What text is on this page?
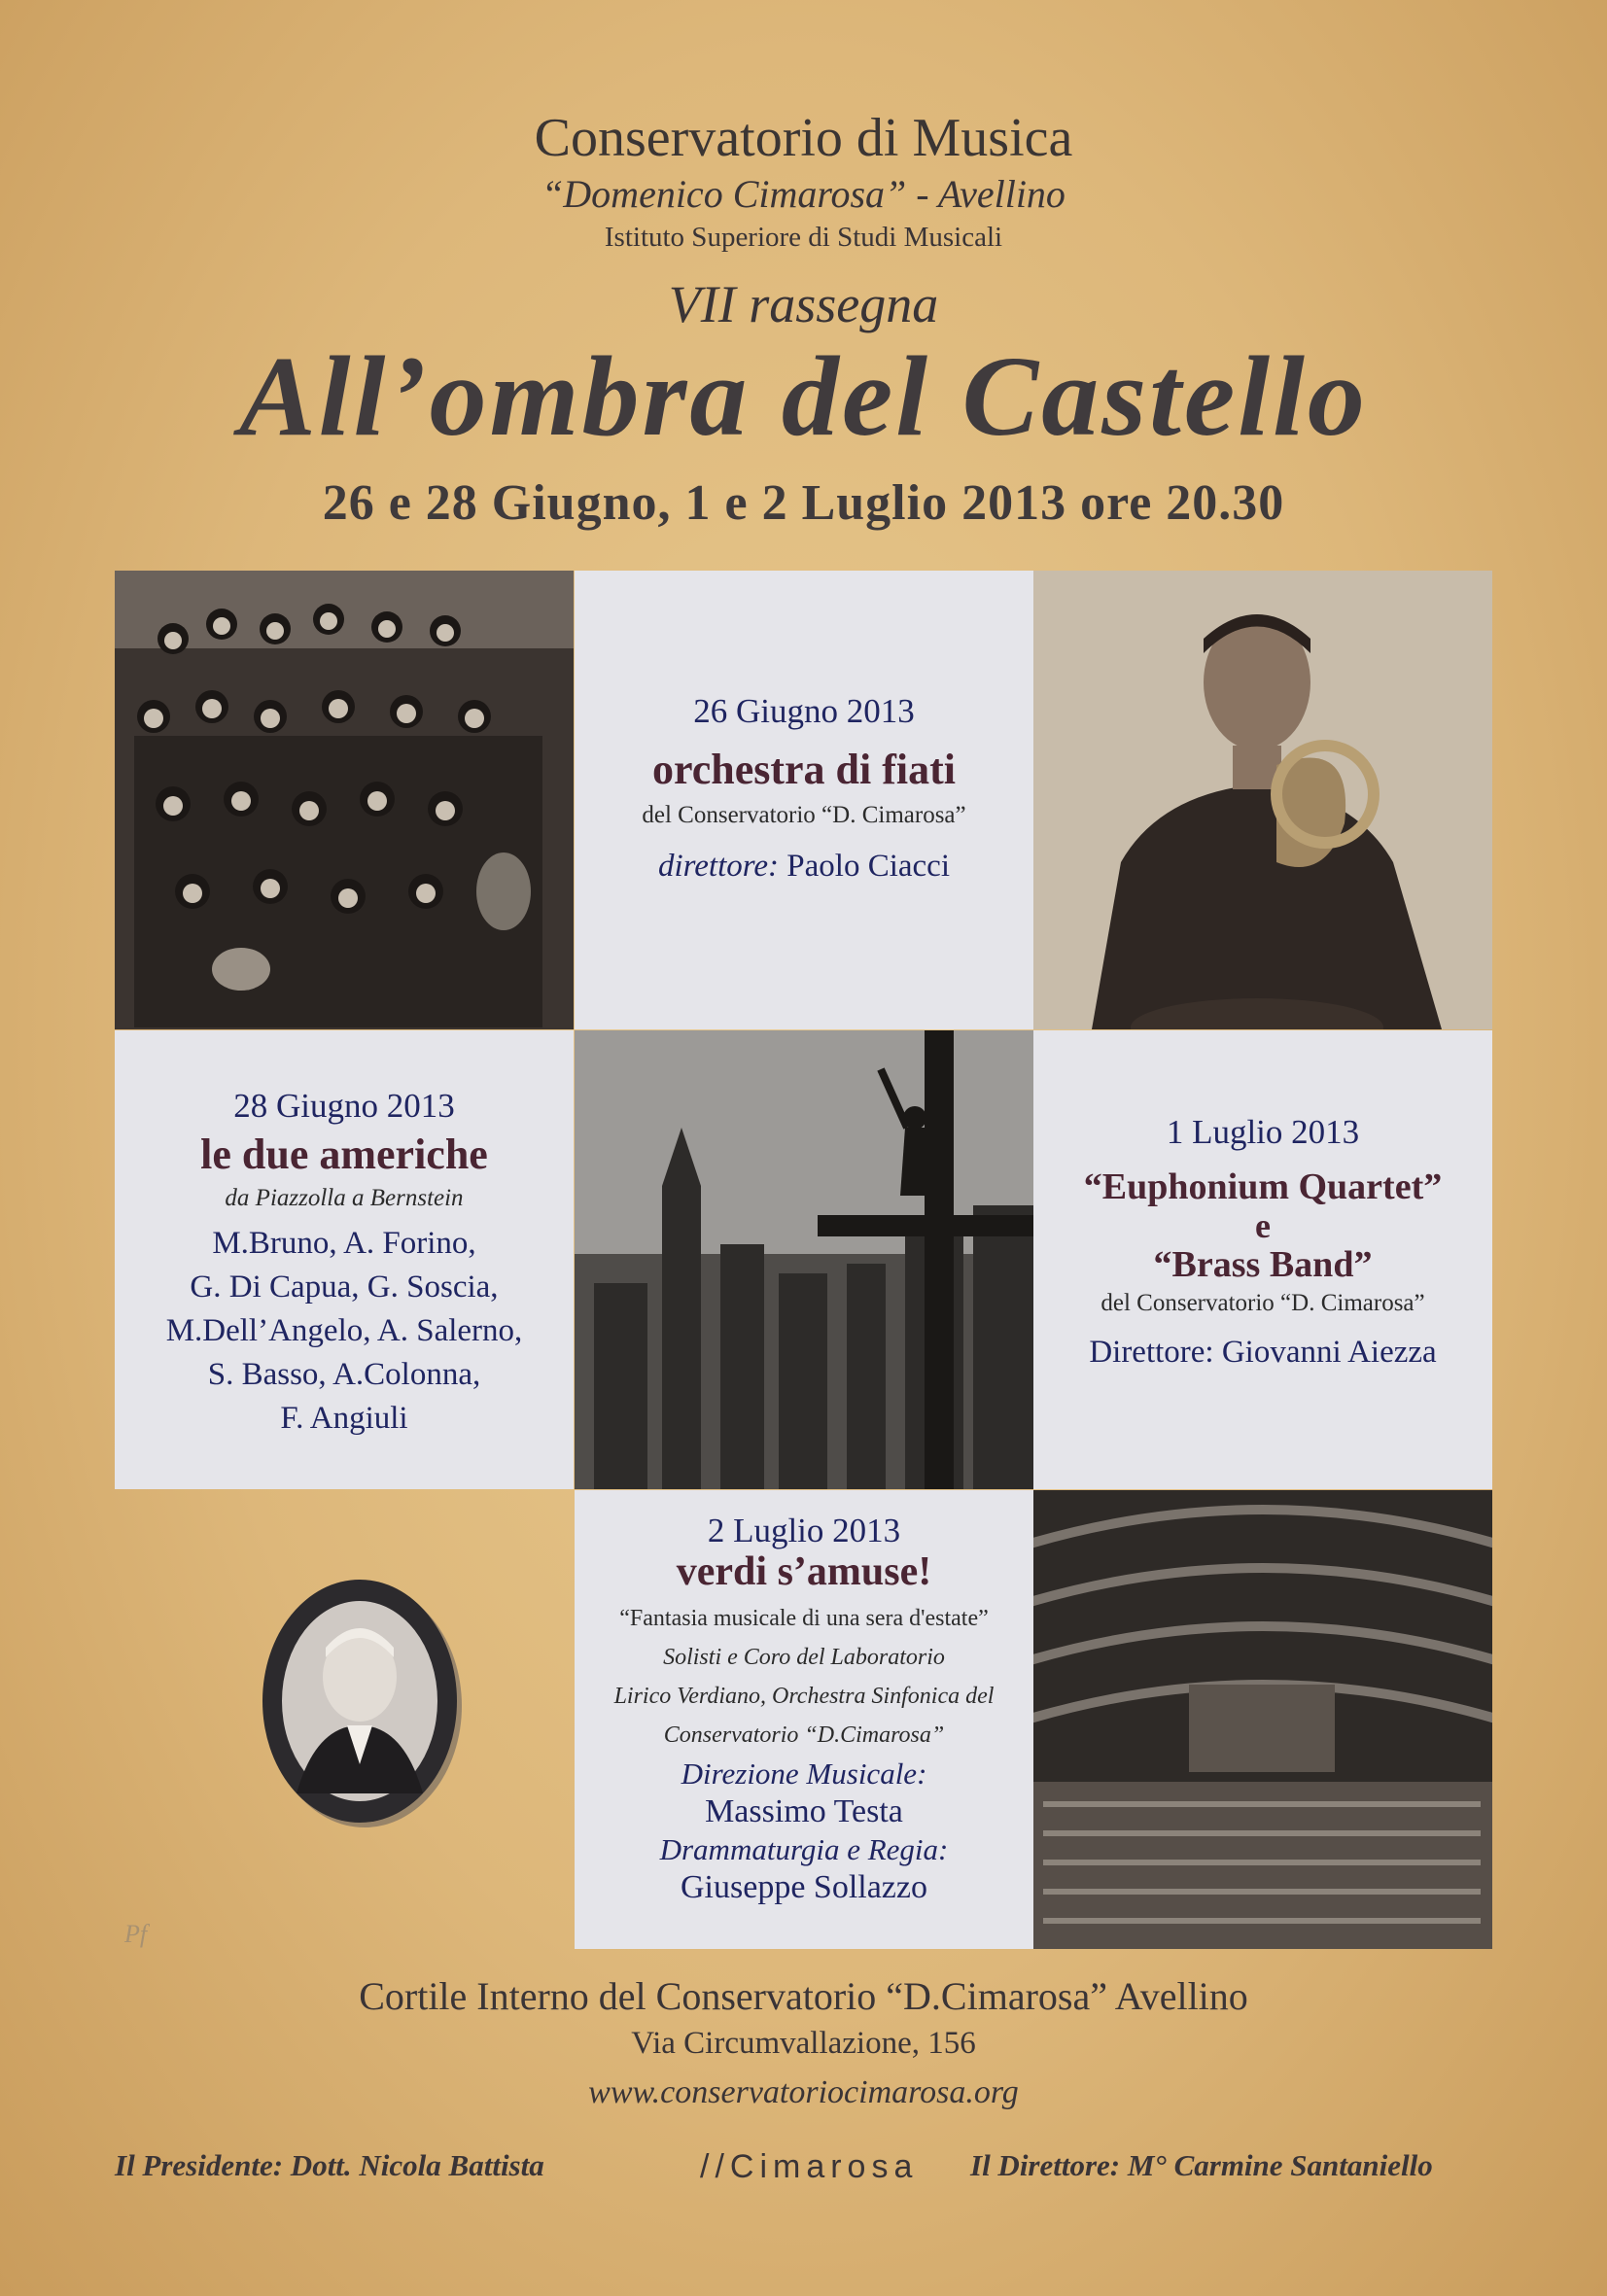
Conservatorio di Musica
“Domenico Cimarosa” - Avellino
Istituto Superiore di Studi Musicali
VII rassegna
All’ombra del Castello
26 e 28 Giugno, 1 e 2 Luglio 2013 ore 20.30
26 Giugno 2013
orchestra di fiati
del Conservatorio “D. Cimarosa”
direttore: Paolo Ciacci
28 Giugno 2013
le due americhe
da Piazzolla a Bernstein
M.Bruno, A. Forino,
G. Di Capua, G. Soscia,
M.Dell’Angelo, A. Salerno,
S. Basso, A.Colonna,
F. Angiuli
1 Luglio 2013
“Euphonium Quartet”
e
“Brass Band”
del Conservatorio “D. Cimarosa”
Direttore: Giovanni Aiezza
2 Luglio 2013
verdi s’amuse!
“Fantasia musicale di una sera d'estate”
Solisti e Coro del Laboratorio
Lirico Verdiano, Orchestra Sinfonica del
Conservatorio “D.Cimarosa”
Direzione Musicale:
Massimo Testa
Drammaturgia e Regia:
Giuseppe Sollazzo
Pf
Cortile Interno del Conservatorio “D.Cimarosa” Avellino
Via Circumvallazione, 156
www.conservatoriocimarosa.org
Il Presidente: Dott. Nicola Battista	//Cimarosa Il Direttore: M° Carmine Santaniello
